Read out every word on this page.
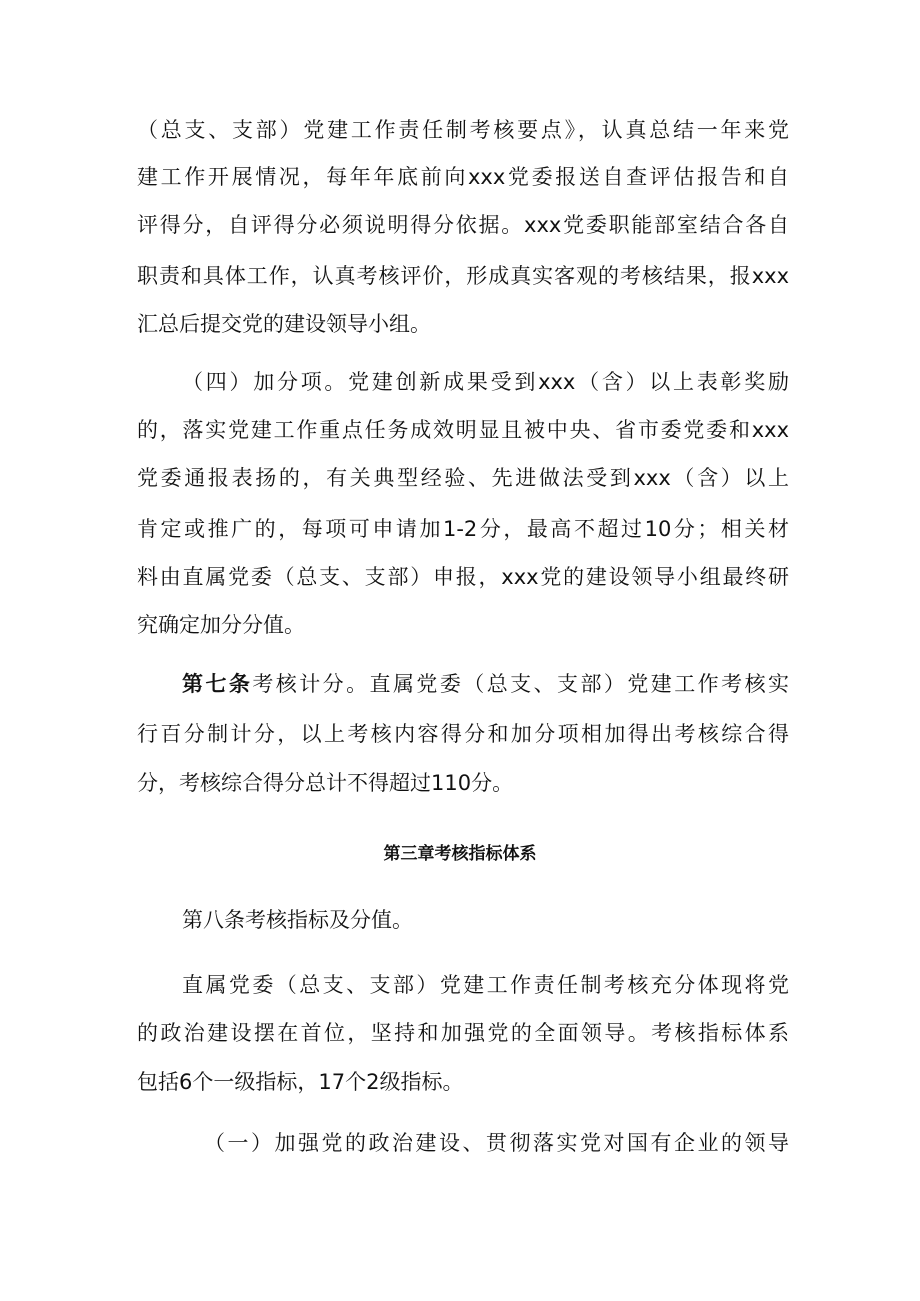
（总支、支部）党建工作责任制考核要点》，认真总结一年来党
建工作开展情况，每年年底前向xxx党委报送自查评估报告和自
评得分，自评得分必须说明得分依据。xxx党委职能部室结合各自
职责和具体工作，认真考核评价，形成真实客观的考核结果，报xxx
汇总后提交党的建设领导小组。
（四）加分项。党建创新成果受到xxx（含）以上表彰奖励
的，落实党建工作重点任务成效明显且被中央、省市委党委和xxx
党委通报表扬的，有关典型经验、先进做法受到xxx（含）以上
肯定或推广的，每项可申请加1-2分，最高不超过10分；相关材
料由直属党委（总支、支部）申报，xxx党的建设领导小组最终研
究确定加分分值。
第七条考核计分。直属党委（总支、支部）党建工作考核实
行百分制计分，以上考核内容得分和加分项相加得出考核综合得
分，考核综合得分总计不得超过110分。
第三章考核指标体系
第八条考核指标及分值。
直属党委（总支、支部）党建工作责任制考核充分体现将党
的政治建设摆在首位，坚持和加强党的全面领导。考核指标体系
包括6个一级指标，17个2级指标。
（一）加强党的政治建设、贯彻落实党对国有企业的领导
